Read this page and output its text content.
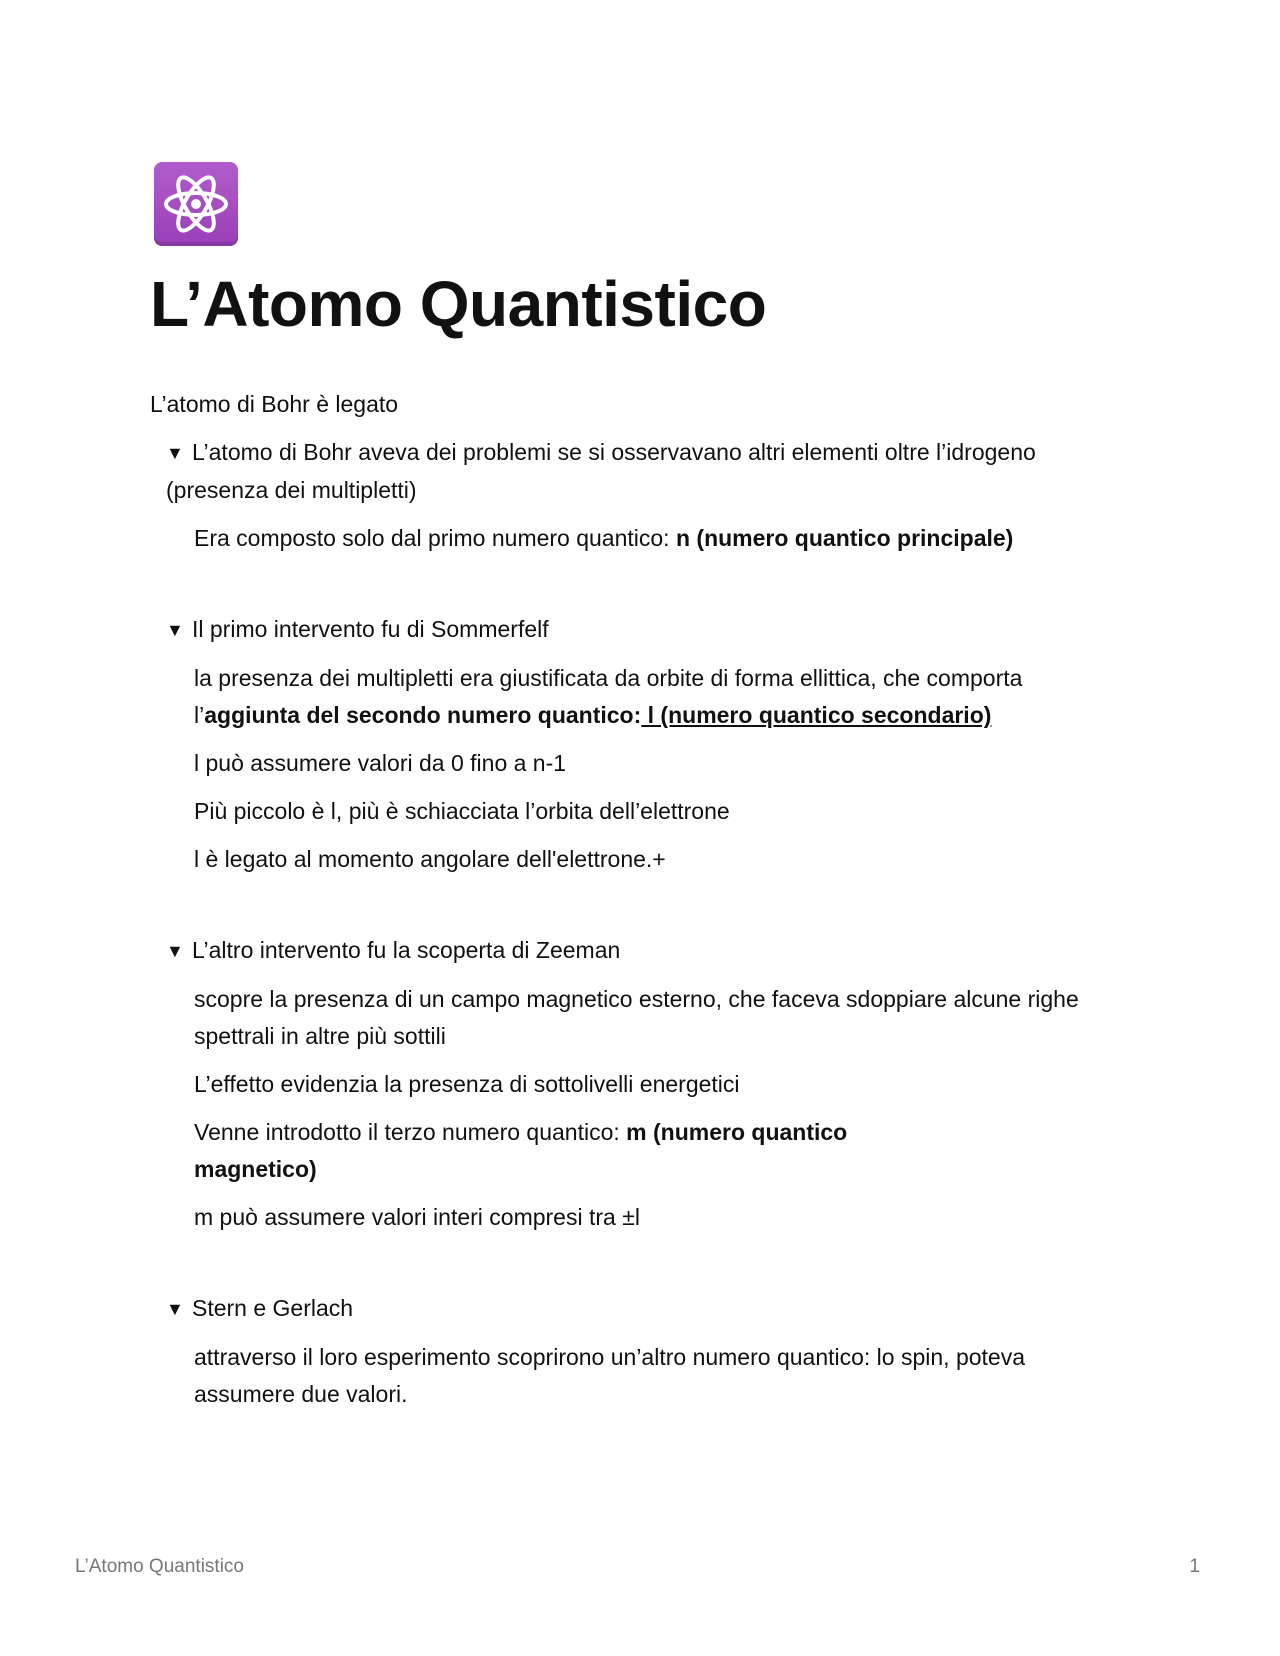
L’Atomo Quantistico

L’atomo di Bohr è legato

▼ L’atomo di Bohr aveva dei problemi se si osservavano altri elementi oltre l’idrogeno (presenza dei multipletti)

Era composto solo dal primo numero quantico: n (numero quantico principale)

▼ Il primo intervento fu di Sommerfelf

la presenza dei multipletti era giustificata da orbite di forma ellittica, che comporta l’aggiunta del secondo numero quantico: l (numero quantico secondario)

l può assumere valori da 0 fino a n-1

Più piccolo è l, più è schiacciata l’orbita dell’elettrone

l è legato al momento angolare dell'elettrone.+

▼ L’altro intervento fu la scoperta di Zeeman

scopre la presenza di un campo magnetico esterno, che faceva sdoppiare alcune righe spettrali in altre più sottili

L’effetto evidenzia la presenza di sottolivelli energetici

Venne introdotto il terzo numero quantico: m (numero quantico
magnetico)

m può assumere valori interi compresi tra ±l

▼ Stern e Gerlach

attraverso il loro esperimento scoprirono un’altro numero quantico: lo spin, poteva assumere due valori.

L’Atomo Quantistico	1
